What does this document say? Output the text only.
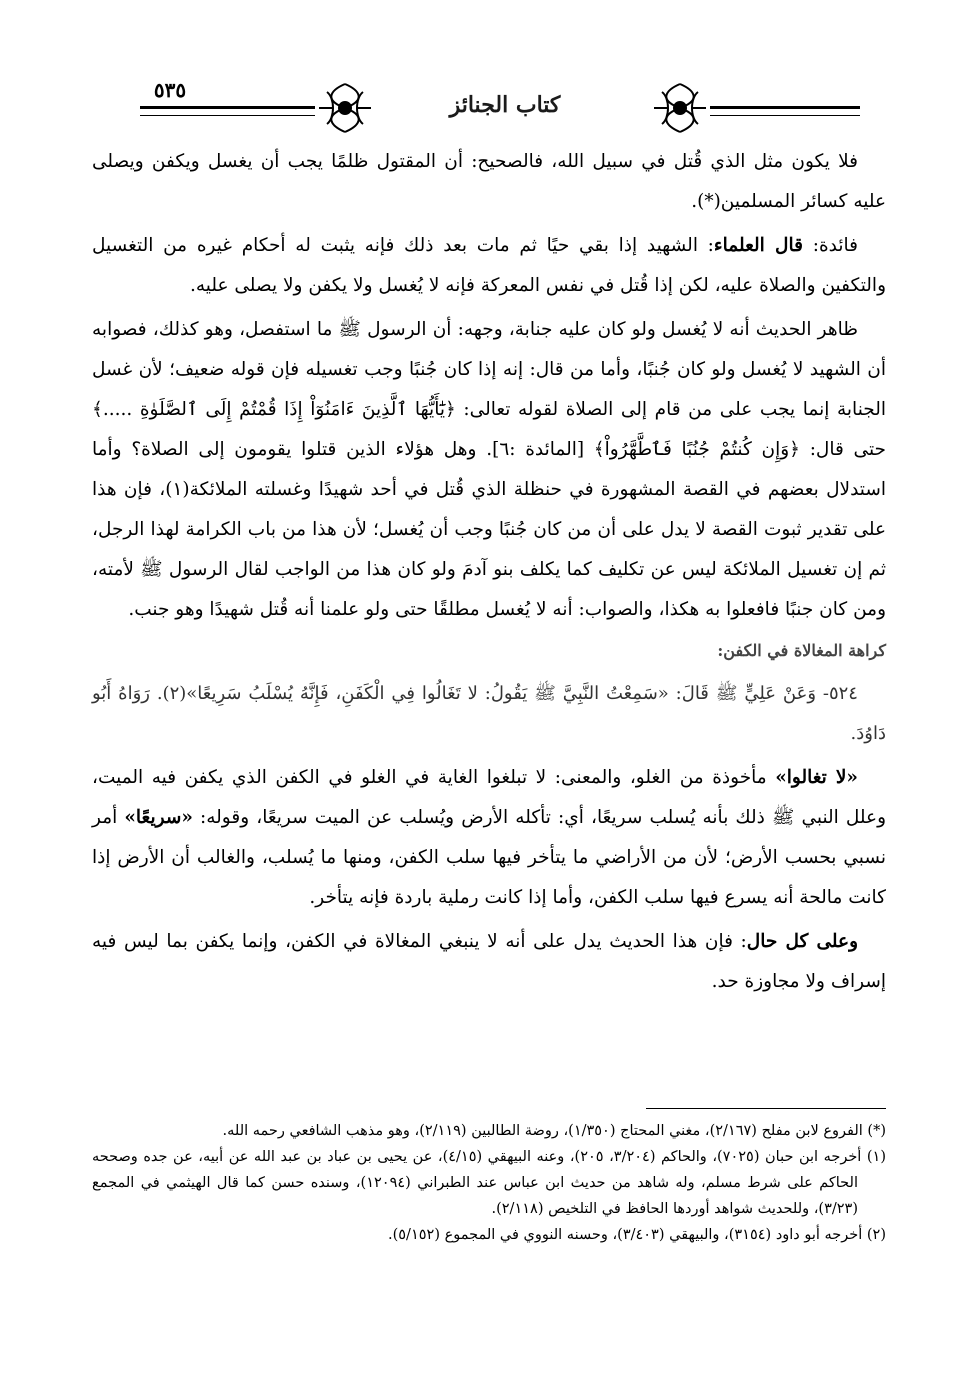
كتاب الجنائز
٥٣٥

فلا يكون مثل الذي قُتل في سبيل الله، فالصحيح: أن المقتول ظلمًا يجب أن يغسل ويكفن ويصلى عليه كسائر المسلمين(*).

فائدة: قال العلماء: الشهيد إذا بقي حيًا ثم مات بعد ذلك فإنه يثبت له أحكام غيره من التغسيل والتكفين والصلاة عليه، لكن إذا قُتل في نفس المعركة فإنه لا يُغسل ولا يكفن ولا يصلى عليه.

ظاهر الحديث أنه لا يُغسل ولو كان عليه جنابة، وجهه: أن الرسول ﷺ ما استفصل، وهو كذلك، فصوابه أن الشهيد لا يُغسل ولو كان جُنبًا، وأما من قال: إنه إذا كان جُنبًا وجب تغسيله فإن قوله ضعيف؛ لأن غسل الجنابة إنما يجب على من قام إلى الصلاة لقوله تعالى: ﴿يَٰٓأَيُّهَا ٱلَّذِينَ ءَامَنُوٓاْ إِذَا قُمْتُمْ إِلَى ٱلصَّلَوٰةِ .....﴾ حتى قال: ﴿وَإِن كُنتُمْ جُنُبًا فَٱطَّهَّرُواْ﴾ [المائدة :٦]. وهل هؤلاء الذين قتلوا يقومون إلى الصلاة؟ وأما استدلال بعضهم في القصة المشهورة في حنظلة الذي قُتل في أحد شهيدًا وغسلته الملائكة(١)، فإن هذا على تقدير ثبوت القصة لا يدل على أن من كان جُنبًا وجب أن يُغسل؛ لأن هذا من باب الكرامة لهذا الرجل، ثم إن تغسيل الملائكة ليس عن تكليف كما يكلف بنو آدمَ ولو كان هذا من الواجب لقال الرسول ﷺ لأمته، ومن كان جنبًا فافعلوا به هكذا، والصواب: أنه لا يُغسل مطلقًا حتى ولو علمنا أنه قُتل شهيدًا وهو جنب.

كراهة المغالاة في الكفن:

٥٢٤- وَعَنْ عَلِيٍّ ﷺ قَالَ: «سَمِعْتُ النَّبِيَّ ﷺ يَقُولُ: لا تَغَالُوا فِي الْكَفَنِ، فَإِنَّهُ يُسْلَبُ سَرِيعًا»(٢). رَوَاهُ أَبُو دَاوُدَ.

«لا تغالوا» مأخوذة من الغلو، والمعنى: لا تبلغوا الغاية في الغلو في الكفن الذي يكفن فيه الميت، وعلل النبي ﷺ ذلك بأنه يُسلب سريعًا، أي: تأكله الأرض ويُسلب عن الميت سريعًا، وقوله: «سريعًا» أمر نسبي بحسب الأرض؛ لأن من الأراضي ما يتأخر فيها سلب الكفن، ومنها ما يُسلب، والغالب أن الأرض إذا كانت مالحة أنه يسرع فيها سلب الكفن، وأما إذا كانت رملية باردة فإنه يتأخر.

وعلى كل حال: فإن هذا الحديث يدل على أنه لا ينبغي المغالاة في الكفن، وإنما يكفن بما ليس فيه إسراف ولا مجاوزة حد.

(*) الفروع لابن مفلح (٢/١٦٧)، مغني المحتاج (١/٣٥٠)، روضة الطالبين (٢/١١٩)، وهو مذهب الشافعي رحمه الله.
(١) أخرجه ابن حبان (٧٠٢٥)، والحاكم (٣/٢٠٤، ٢٠٥)، وعنه البيهقي (٤/١٥)، عن يحيى بن عباد بن عبد الله عن أبيه، عن جده وصححه الحاكم على شرط مسلم، وله شاهد من حديث ابن عباس عند الطبراني (١٢٠٩٤)، وسنده حسن كما قال الهيثمي في المجمع (٣/٢٣)، وللحديث شواهد أوردها الحافظ في التلخيص (٢/١١٨).
(٢) أخرجه أبو داود (٣١٥٤)، والبيهقي (٣/٤٠٣)، وحسنه النووي في المجموع (٥/١٥٢).
